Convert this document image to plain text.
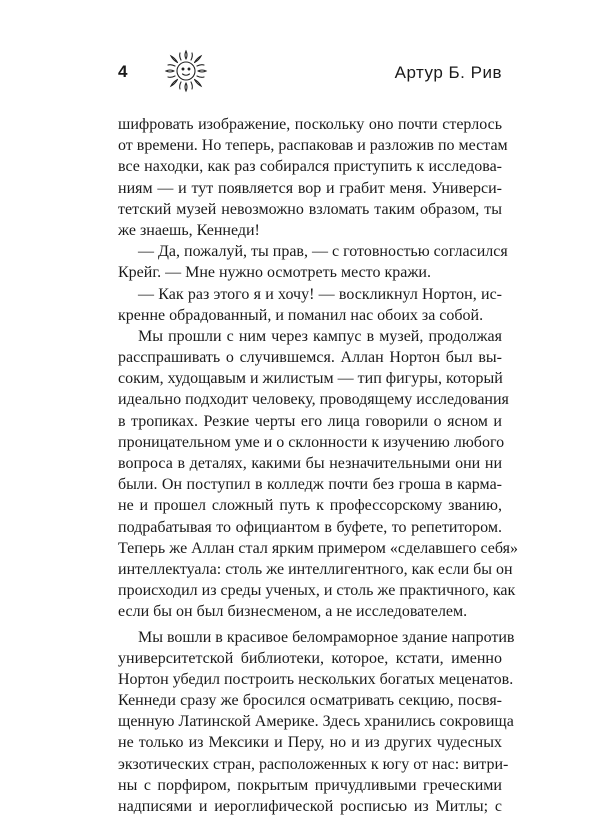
4	Артур Б. Рив
шифровать изображение, поскольку оно почти стерлось
от времени. Но теперь, распаковав и разложив по местам
все находки, как раз собирался приступить к исследова-
ниям — и тут появляется вор и грабит меня. Универси-
тетский музей невозможно взломать таким образом, ты
же знаешь, Кеннеди!
— Да, пожалуй, ты прав, — с готовностью согласился
Крейг. — Мне нужно осмотреть место кражи.
— Как раз этого я и хочу! — воскликнул Нортон, ис-
кренне обрадованный, и поманил нас обоих за собой.
Мы прошли с ним через кампус в музей, продолжая
расспрашивать о случившемся. Аллан Нортон был вы-
соким, худощавым и жилистым — тип фигуры, который
идеально подходит человеку, проводящему исследования
в тропиках. Резкие черты его лица говорили о ясном и
проницательном уме и о склонности к изучению любого
вопроса в деталях, какими бы незначительными они ни
были. Он поступил в колледж почти без гроша в карма-
не и прошел сложный путь к профессорскому званию,
подрабатывая то официантом в буфете, то репетитором.
Теперь же Аллан стал ярким примером «сделавшего себя»
интеллектуала: столь же интеллигентного, как если бы он
происходил из среды ученых, и столь же практичного, как
если бы он был бизнесменом, а не исследователем.
Мы вошли в красивое беломраморное здание напротив
университетской библиотеки, которое, кстати, именно
Нортон убедил построить нескольких богатых меценатов.
Кеннеди сразу же бросился осматривать секцию, посвя-
щенную Латинской Америке. Здесь хранились сокровища
не только из Мексики и Перу, но и из других чудесных
экзотических стран, расположенных к югу от нас: витри-
ны с порфиром, покрытым причудливыми греческими
надписями и иероглифической росписью из Митлы; с
